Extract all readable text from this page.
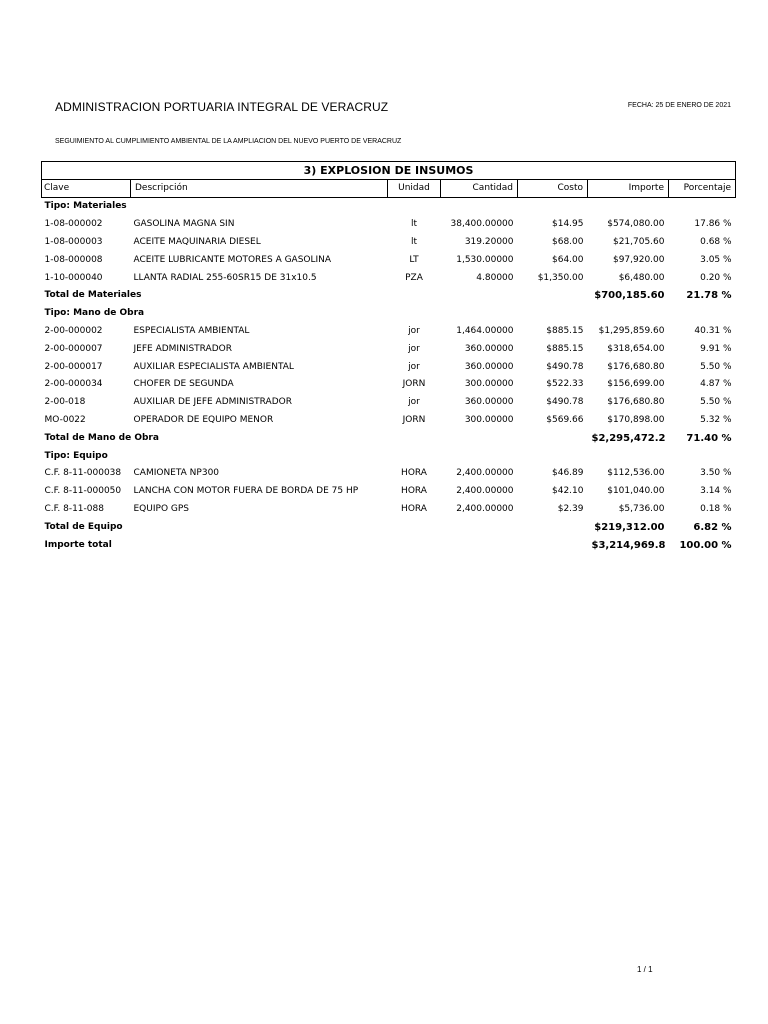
ADMINISTRACION PORTUARIA INTEGRAL DE VERACRUZ	FECHA: 25 DE ENERO DE 2021
SEGUIMIENTO AL CUMPLIMIENTO AMBIENTAL DE LA AMPLIACION DEL NUEVO PUERTO DE VERACRUZ
3) EXPLOSION DE INSUMOS						
Clave	Descripción	Unidad	Cantidad	Costo	Importe	Porcentaje
Tipo: Materiales						
1-08-000002	GASOLINA MAGNA SIN	lt	38,400.00000	$14.95	$574,080.00	17.86 %
1-08-000003	ACEITE MAQUINARIA DIESEL	lt	319.20000	$68.00	$21,705.60	0.68 %
1-08-000008	ACEITE LUBRICANTE MOTORES A GASOLINA	LT	1,530.00000	$64.00	$97,920.00	3.05 %
1-10-000040	LLANTA RADIAL 255-60SR15 DE 31x10.5	PZA	4.80000	$1,350.00	$6,480.00	0.20 %
Total de Materiales					$700,185.60	21.78 %
Tipo: Mano de Obra						
2-00-000002	ESPECIALISTA AMBIENTAL	jor	1,464.00000	$885.15	$1,295,859.60	40.31 %
2-00-000007	JEFE ADMINISTRADOR	jor	360.00000	$885.15	$318,654.00	9.91 %
2-00-000017	AUXILIAR ESPECIALISTA AMBIENTAL	jor	360.00000	$490.78	$176,680.80	5.50 %
2-00-000034	CHOFER DE SEGUNDA	JORN	300.00000	$522.33	$156,699.00	4.87 %
2-00-018	AUXILIAR DE JEFE ADMINISTRADOR	jor	360.00000	$490.78	$176,680.80	5.50 %
MO-0022	OPERADOR DE EQUIPO MENOR	JORN	300.00000	$569.66	$170,898.00	5.32 %
Total de Mano de Obra					$2,295,472.2	71.40 %
Tipo: Equipo						
C.F. 8-11-000038	CAMIONETA NP300	HORA	2,400.00000	$46.89	$112,536.00	3.50 %
C.F. 8-11-000050	LANCHA CON MOTOR FUERA DE BORDA DE 75 HP	HORA	2,400.00000	$42.10	$101,040.00	3.14 %
C.F. 8-11-088	EQUIPO GPS	HORA	2,400.00000	$2.39	$5,736.00	0.18 %
Total de Equipo					$219,312.00	6.82 %
Importe total					$3,214,969.8	100.00 %
1 / 1
